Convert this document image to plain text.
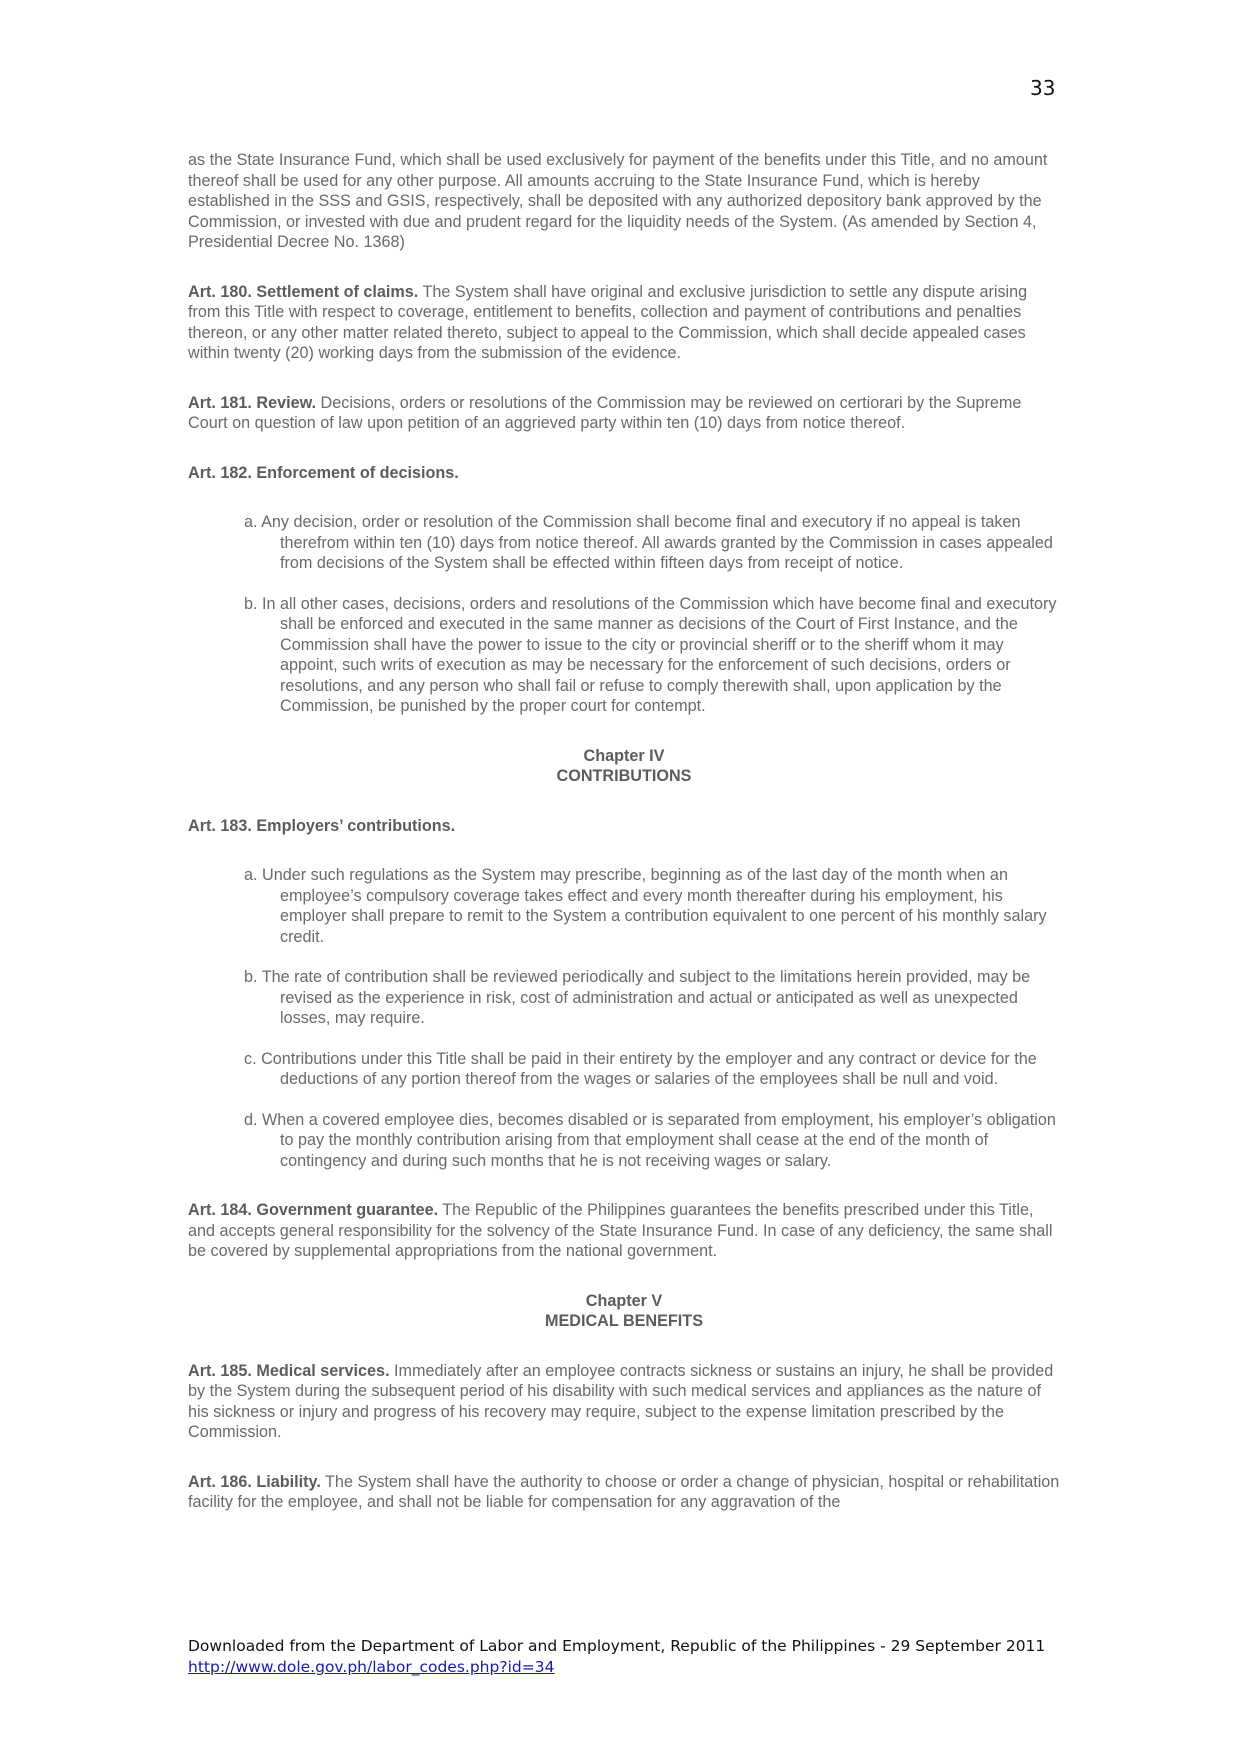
33

as the State Insurance Fund, which shall be used exclusively for payment of the benefits under this Title, and no amount thereof shall be used for any other purpose. All amounts accruing to the State Insurance Fund, which is hereby established in the SSS and GSIS, respectively, shall be deposited with any authorized depository bank approved by the Commission, or invested with due and prudent regard for the liquidity needs of the System. (As amended by Section 4, Presidential Decree No. 1368)

Art. 180. Settlement of claims. The System shall have original and exclusive jurisdiction to settle any dispute arising from this Title with respect to coverage, entitlement to benefits, collection and payment of contributions and penalties thereon, or any other matter related thereto, subject to appeal to the Commission, which shall decide appealed cases within twenty (20) working days from the submission of the evidence.

Art. 181. Review. Decisions, orders or resolutions of the Commission may be reviewed on certiorari by the Supreme Court on question of law upon petition of an aggrieved party within ten (10) days from notice thereof.

Art. 182. Enforcement of decisions.

a. Any decision, order or resolution of the Commission shall become final and executory if no appeal is taken therefrom within ten (10) days from notice thereof. All awards granted by the Commission in cases appealed from decisions of the System shall be effected within fifteen days from receipt of notice.
b. In all other cases, decisions, orders and resolutions of the Commission which have become final and executory shall be enforced and executed in the same manner as decisions of the Court of First Instance, and the Commission shall have the power to issue to the city or provincial sheriff or to the sheriff whom it may appoint, such writs of execution as may be necessary for the enforcement of such decisions, orders or resolutions, and any person who shall fail or refuse to comply therewith shall, upon application by the Commission, be punished by the proper court for contempt.
Chapter IV
CONTRIBUTIONS

Art. 183. Employers’ contributions.

a. Under such regulations as the System may prescribe, beginning as of the last day of the month when an employee’s compulsory coverage takes effect and every month thereafter during his employment, his employer shall prepare to remit to the System a contribution equivalent to one percent of his monthly salary credit.
b. The rate of contribution shall be reviewed periodically and subject to the limitations herein provided, may be revised as the experience in risk, cost of administration and actual or anticipated as well as unexpected losses, may require.
c. Contributions under this Title shall be paid in their entirety by the employer and any contract or device for the deductions of any portion thereof from the wages or salaries of the employees shall be null and void.
d. When a covered employee dies, becomes disabled or is separated from employment, his employer’s obligation to pay the monthly contribution arising from that employment shall cease at the end of the month of contingency and during such months that he is not receiving wages or salary.

Art. 184. Government guarantee. The Republic of the Philippines guarantees the benefits prescribed under this Title, and accepts general responsibility for the solvency of the State Insurance Fund. In case of any deficiency, the same shall be covered by supplemental appropriations from the national government.

Chapter V
MEDICAL BENEFITS

Art. 185. Medical services. Immediately after an employee contracts sickness or sustains an injury, he shall be provided by the System during the subsequent period of his disability with such medical services and appliances as the nature of his sickness or injury and progress of his recovery may require, subject to the expense limitation prescribed by the Commission.

Art. 186. Liability. The System shall have the authority to choose or order a change of physician, hospital or rehabilitation facility for the employee, and shall not be liable for compensation for any aggravation of the

Downloaded from the Department of Labor and Employment, Republic of the Philippines - 29 September 2011
http://www.dole.gov.ph/labor_codes.php?id=34
